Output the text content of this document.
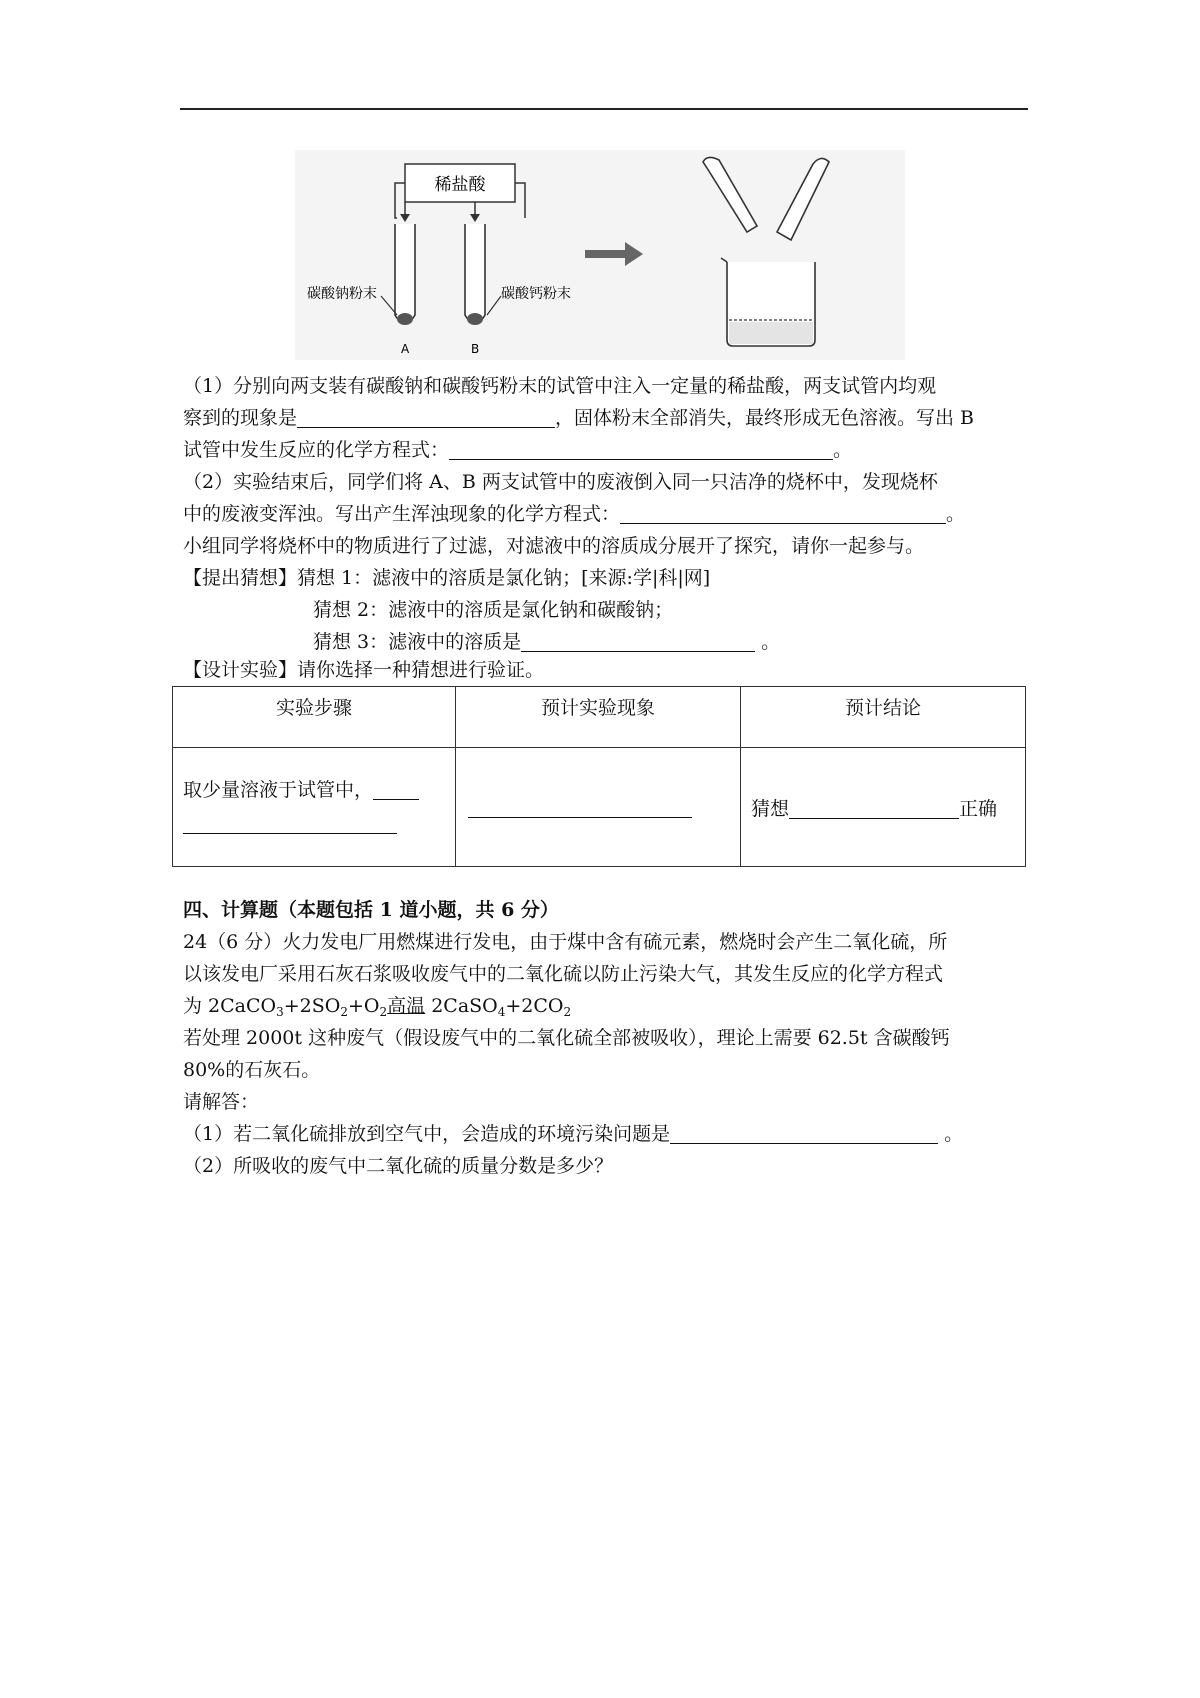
稀盐酸
碳酸钠粉末	碳酸钙粉末
A	B
（1）分别向两支装有碳酸钠和碳酸钙粉末的试管中注入一定量的稀盐酸，两支试管内均观
察到的现象是	，固体粉末全部消失，最终形成无色溶液。写出 B
试管中发生反应的化学方程式：	。
（2）实验结束后，同学们将 A、B 两支试管中的废液倒入同一只洁净的烧杯中，发现烧杯
中的废液变浑浊。写出产生浑浊现象的化学方程式：	。
小组同学将烧杯中的物质进行了过滤，对滤液中的溶质成分展开了探究，请你一起参与。
【提出猜想】猜想 1：滤液中的溶质是氯化钠；[来源:学|科|网]
猜想 2：滤液中的溶质是氯化钠和碳酸钠；
猜想 3：滤液中的溶质是	。
【设计实验】请你选择一种猜想进行验证。
实验步骤	预计实验现象	预计结论

取少量溶液于试管中，		猜想 正确
四、计算题（本题包括 1 道小题，共 6 分）
24（6 分）火力发电厂用燃煤进行发电，由于煤中含有硫元素，燃烧时会产生二氧化硫，所
以该发电厂采用石灰石浆吸收废气中的二氧化硫以防止污染大气，其发生反应的化学方程式
为 $2CaCO_3+2SO_2+O_2$高温 $2CaSO_4+2CO_2$
若处理 2000t 这种废气（假设废气中的二氧化硫全部被吸收），理论上需要 62.5t 含碳酸钙
80%的石灰石。
请解答：
（1）若二氧化硫排放到空气中，会造成的环境污染问题是	。
（2）所吸收的废气中二氧化硫的质量分数是多少？
